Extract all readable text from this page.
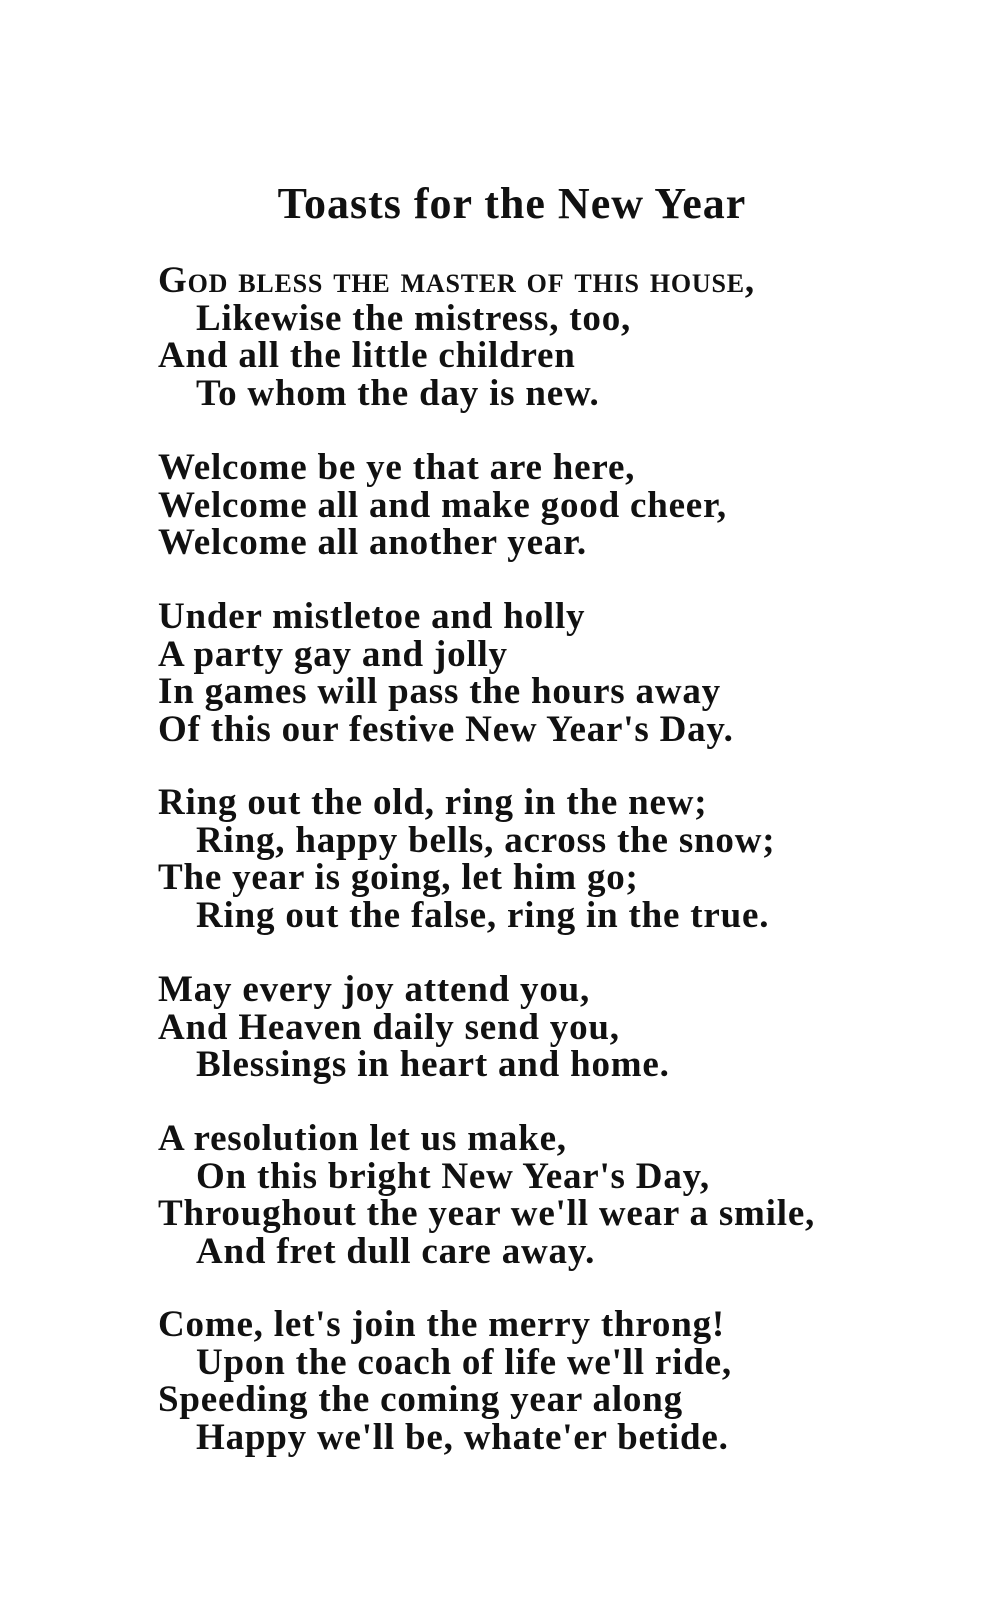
Toasts for the New Year
God bless the master of this house,
Likewise the mistress, too,
And all the little children
To whom the day is new.
Welcome be ye that are here,
Welcome all and make good cheer,
Welcome all another year.
Under mistletoe and holly
A party gay and jolly
In games will pass the hours away
Of this our festive New Year's Day.
Ring out the old, ring in the new;
Ring, happy bells, across the snow;
The year is going, let him go;
Ring out the false, ring in the true.
May every joy attend you,
And Heaven daily send you,
Blessings in heart and home.
A resolution let us make,
On this bright New Year's Day,
Throughout the year we'll wear a smile,
And fret dull care away.
Come, let's join the merry throng!
Upon the coach of life we'll ride,
Speeding the coming year along
Happy we'll be, whate'er betide.
